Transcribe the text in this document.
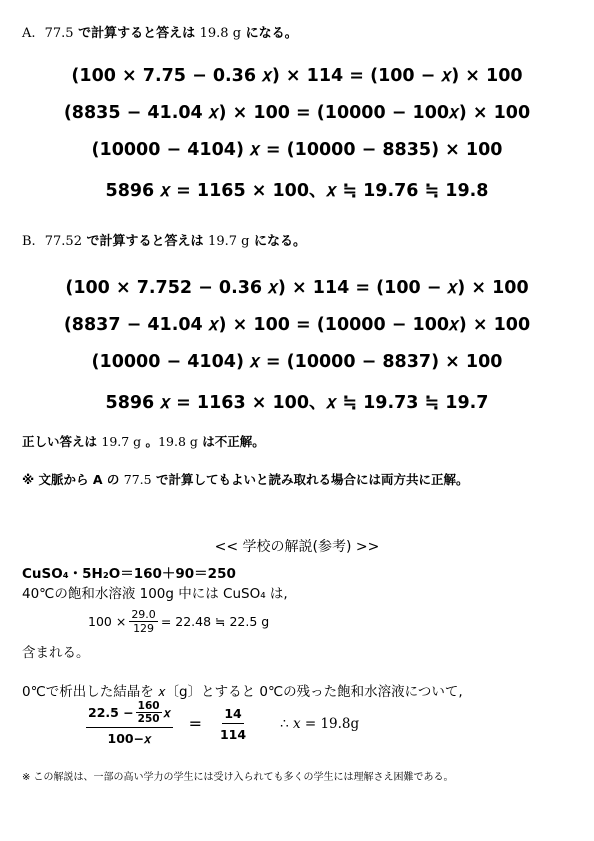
A. 77.5 で計算すると答えは 19.8 g になる。
(100 × 7.75 − 0.36 𝑥) × 114 = (100 − 𝑥) × 100
(8835 − 41.04 𝑥) × 100 = (10000 − 100𝑥) × 100
(10000 − 4104) 𝑥 = (10000 − 8835) × 100
5896 𝑥 = 1165 × 100、𝑥 ≒ 19.76 ≒ 19.8
B. 77.52 で計算すると答えは 19.7 g になる。
(100 × 7.752 − 0.36 𝑥) × 114 = (100 − 𝑥) × 100
(8837 − 41.04 𝑥) × 100 = (10000 − 100𝑥) × 100
(10000 − 4104) 𝑥 = (10000 − 8837) × 100
5896 𝑥 = 1163 × 100、𝑥 ≒ 19.73 ≒ 19.7
正しい答えは 19.7 g 。19.8 g は不正解。
※ 文脈から A の 77.5 で計算してもよいと読み取れる場合には両方共に正解。
<< 学校の解説(参考) >>
CuSO₄・5H₂O＝160＋90＝250
40℃の飽和水溶液 100g 中には CuSO₄ は,
$100 \times \frac{29.0}{129} = 22.48$ ≒ 22.5 g
含まれる。
0℃で析出した結晶を 𝑥〔g〕とすると 0℃の残った飽和水溶液について,
$\frac{22.5 - \frac{160}{250} 𝑥}{\text{100−𝑥}} = \frac{14}{114}$ ∴ 𝑥 = 19.8g
※ この解説は、一部の高い学力の学生には受け入られても多くの学生には理解さえ困難である。
